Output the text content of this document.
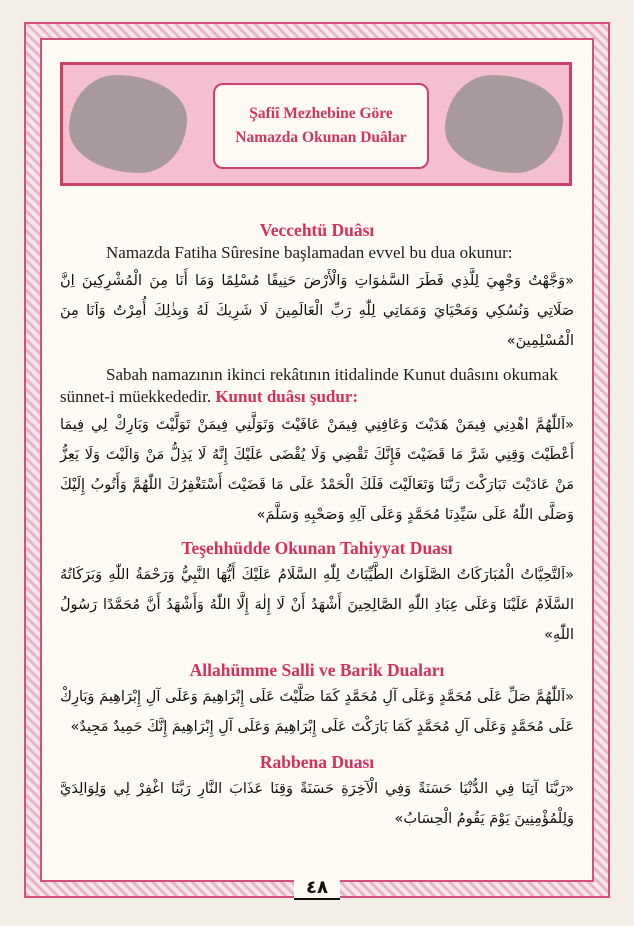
Şafiî Mezhebine Göre
Namazda Okunan Duâlar
Veccehtü Duâsı

Namazda Fatiha Sûresine başlamadan evvel bu dua okunur:

«وَجَّهْتُ وَجْهِيَ لِلَّذِي فَطَرَ السَّمٰوَاتِ وَالْأَرْضَ حَنِيفًا مُسْلِمًا وَمَا أَنَا مِنَ الْمُشْرِكِينَ اِنَّ صَلَاتِي وَنُسُكِي وَمَحْيَايَ وَمَمَاتِي لِلّٰهِ رَبِّ الْعَالَمِينَ لَا شَرِيكَ لَهُ وَبِذٰلِكَ أُمِرْتُ وَاَنَا مِنَ الْمُسْلِمِينَ»

Sabah namazının ikinci rekâtının itidalinde Kunut duâsını okumak sünnet-i müekkededir. Kunut duâsı şudur:

«اَللّٰهُمَّ اهْدِنِي فِيمَنْ هَدَيْتَ وَعَافِنِي فِيمَنْ عَافَيْتَ وَتَوَلَّنِي فِيمَنْ تَوَلَّيْتَ وَبَارِكْ لِي فِيمَا أَعْطَيْتَ وَقِنِي شَرَّ مَا قَضَيْتَ فَإِنَّكَ تَقْضِي وَلَا يُقْضَى عَلَيْكَ إِنَّهُ لَا يَذِلُّ مَنْ وَالَيْتَ وَلَا يَعِزُّ مَنْ عَادَيْتَ تَبَارَكْتَ رَبَّنَا وَتَعَالَيْتَ فَلَكَ الْحَمْدُ عَلَى مَا قَضَيْتَ أَسْتَغْفِرُكَ اللّٰهُمَّ وَأَتُوبُ إِلَيْكَ وَصَلَّى اللّٰهُ عَلَى سَيِّدِنَا مُحَمَّدٍ وَعَلَى آلِهِ وَصَحْبِهِ وَسَلَّمَ»

Teşehhüdde Okunan Tahiyyat Duası

«اَلتَّحِيَّاتُ الْمُبَارَكَاتُ الصَّلَوَاتُ الطَّيِّبَاتُ لِلّٰهِ السَّلَامُ عَلَيْكَ أَيُّهَا النَّبِيُّ وَرَحْمَةُ اللّٰهِ وَبَرَكَاتُهُ السَّلَامُ عَلَيْنَا وَعَلَى عِبَادِ اللّٰهِ الصَّالِحِينَ أَشْهَدُ أَنْ لَا إِلٰهَ إِلَّا اللّٰهُ وَأَشْهَدُ أَنَّ مُحَمَّدًا رَسُولُ اللّٰهِ»

Allahümme Salli ve Barik Duaları

«اَللّٰهُمَّ صَلِّ عَلَى مُحَمَّدٍ وَعَلَى آلِ مُحَمَّدٍ كَمَا صَلَّيْتَ عَلَى إِبْرَاهِيمَ وَعَلَى آلِ إِبْرَاهِيمَ وَبَارِكْ عَلَى مُحَمَّدٍ وَعَلَى آلِ مُحَمَّدٍ كَمَا بَارَكْتَ عَلَى إِبْرَاهِيمَ وَعَلَى آلِ إِبْرَاهِيمَ إِنَّكَ حَمِيدٌ مَجِيدٌ»

Rabbena Duası

«رَبَّنَا آتِنَا فِي الدُّنْيَا حَسَنَةً وَفِي الْآخِرَةِ حَسَنَةً وَقِنَا عَذَابَ النَّارِ رَبَّنَا اغْفِرْ لِي وَلِوَالِدَيَّ وَلِلْمُؤْمِنِينَ يَوْمَ يَقُومُ الْحِسَابُ»

٤٨
